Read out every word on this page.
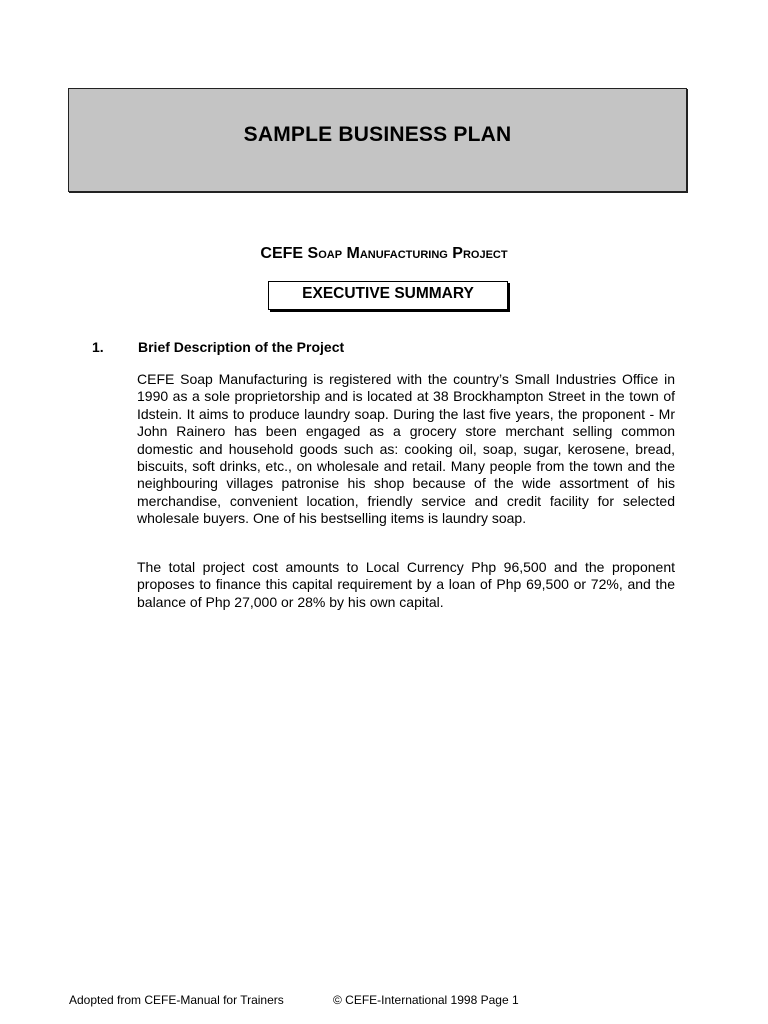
SAMPLE BUSINESS PLAN
CEFE SOAP MANUFACTURING PROJECT
EXECUTIVE SUMMARY
1. Brief Description of the Project

CEFE Soap Manufacturing is registered with the country’s Small Industries Office in 1990 as a sole proprietorship and is located at 38 Brockhampton Street in the town of Idstein. It aims to produce laundry soap. During the last five years, the proponent - Mr John Rainero has been engaged as a grocery store merchant selling common domestic and household goods such as: cooking oil, soap, sugar, kerosene, bread, biscuits, soft drinks, etc., on wholesale and retail. Many people from the town and the neighbouring villages patronise his shop because of the wide assortment of his merchandise, convenient location, friendly service and credit facility for selected wholesale buyers. One of his bestselling items is laundry soap.

The total project cost amounts to Local Currency Php 96,500 and the proponent proposes to finance this capital requirement by a loan of Php 69,500 or 72%, and the balance of Php 27,000 or 28% by his own capital.

Adopted from CEFE-Manual for Trainers	© CEFE-International 1998 Page 1
